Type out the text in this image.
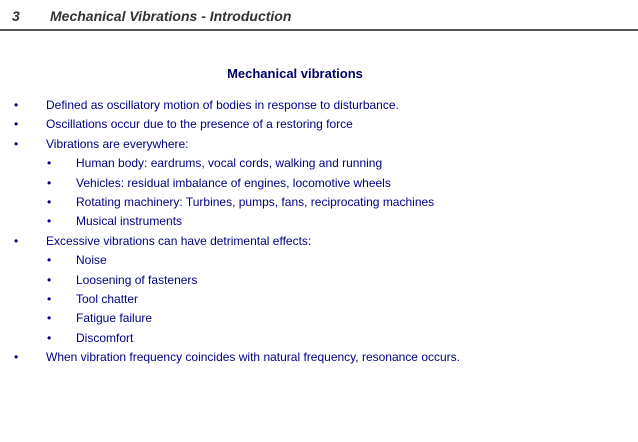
3 Mechanical Vibrations - Introduction
Mechanical vibrations
• Defined as oscillatory motion of bodies in response to disturbance.
• Oscillations occur due to the presence of a restoring force
• Vibrations are everywhere:
• Human body: eardrums, vocal cords, walking and running
• Vehicles: residual imbalance of engines, locomotive wheels
• Rotating machinery: Turbines, pumps, fans, reciprocating machines
• Musical instruments
• Excessive vibrations can have detrimental effects:
• Noise
• Loosening of fasteners
• Tool chatter
• Fatigue failure
• Discomfort
• When vibration frequency coincides with natural frequency, resonance occurs.
